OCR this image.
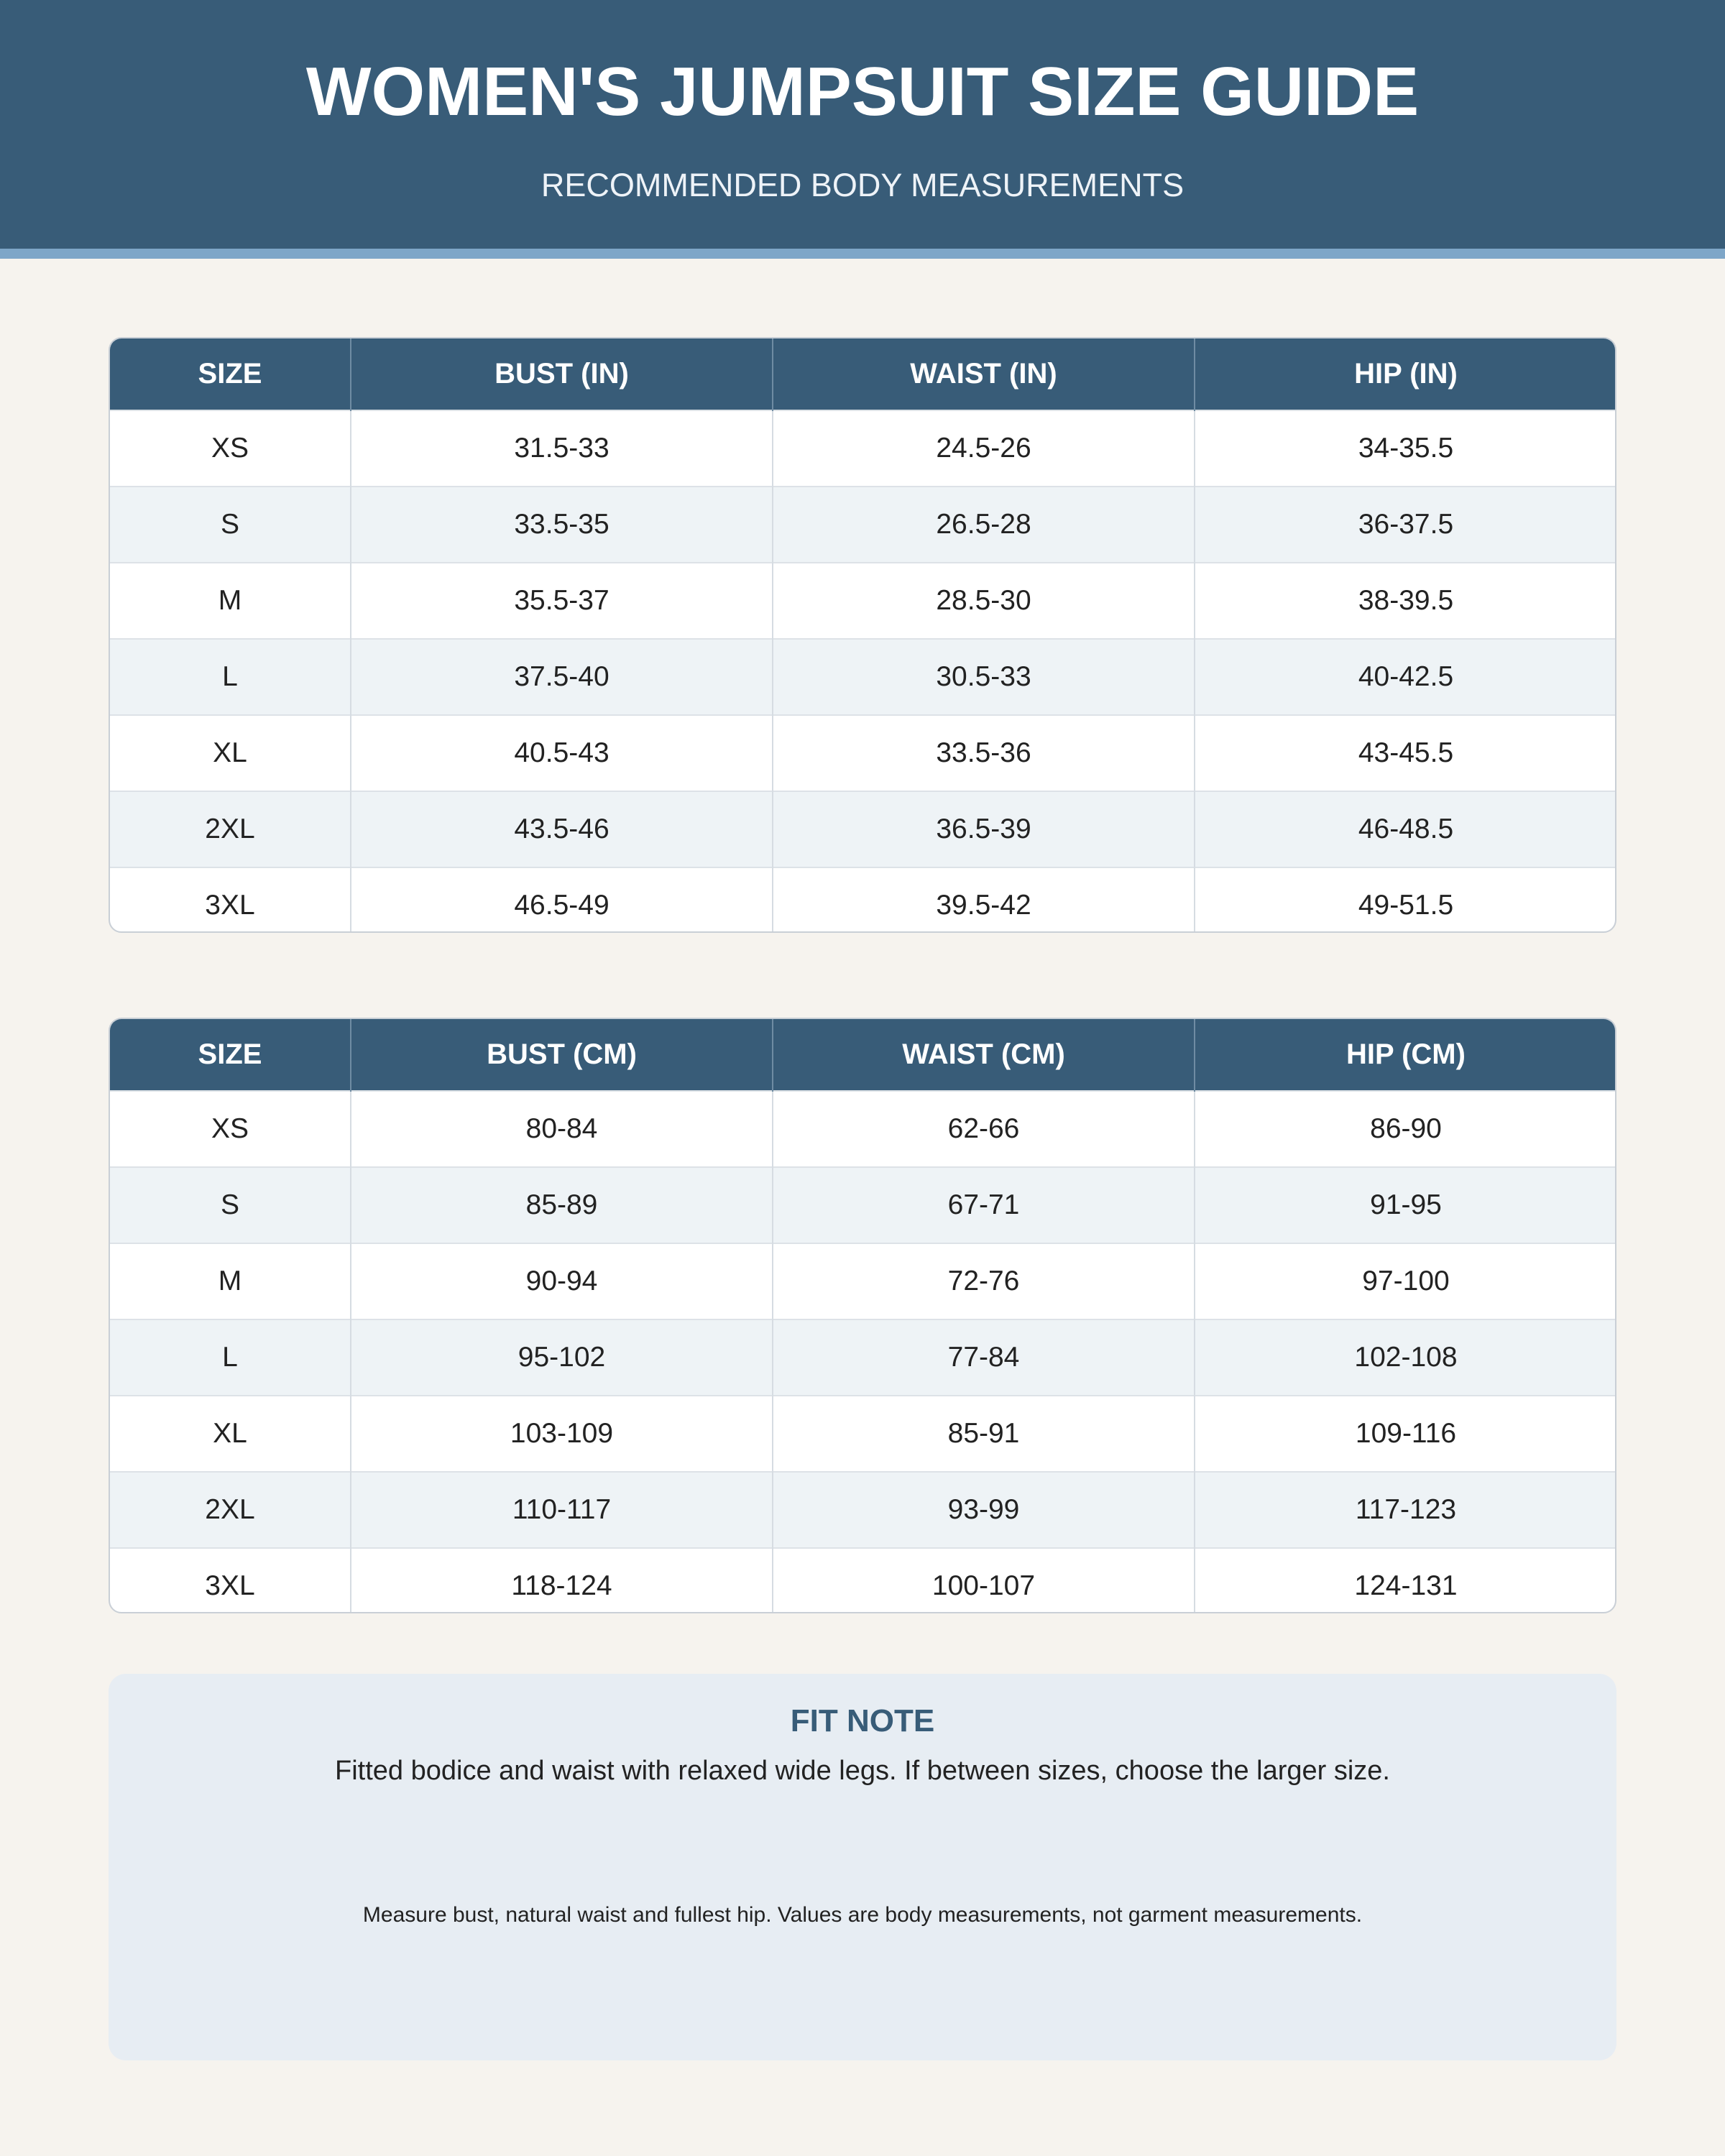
WOMEN'S JUMPSUIT SIZE GUIDE
RECOMMENDED BODY MEASUREMENTS
SIZE	BUST (IN)	WAIST (IN)	HIP (IN)
XS	31.5-33	24.5-26	34-35.5
S	33.5-35	26.5-28	36-37.5
M	35.5-37	28.5-30	38-39.5
L	37.5-40	30.5-33	40-42.5
XL	40.5-43	33.5-36	43-45.5
2XL	43.5-46	36.5-39	46-48.5
3XL	46.5-49	39.5-42	49-51.5
SIZE	BUST (CM)	WAIST (CM)	HIP (CM)
XS	80-84	62-66	86-90
S	85-89	67-71	91-95
M	90-94	72-76	97-100
L	95-102	77-84	102-108
XL	103-109	85-91	109-116
2XL	110-117	93-99	117-123
3XL	118-124	100-107	124-131
FIT NOTE
Fitted bodice and waist with relaxed wide legs. If between sizes, choose the larger size.
Measure bust, natural waist and fullest hip. Values are body measurements, not garment measurements.
